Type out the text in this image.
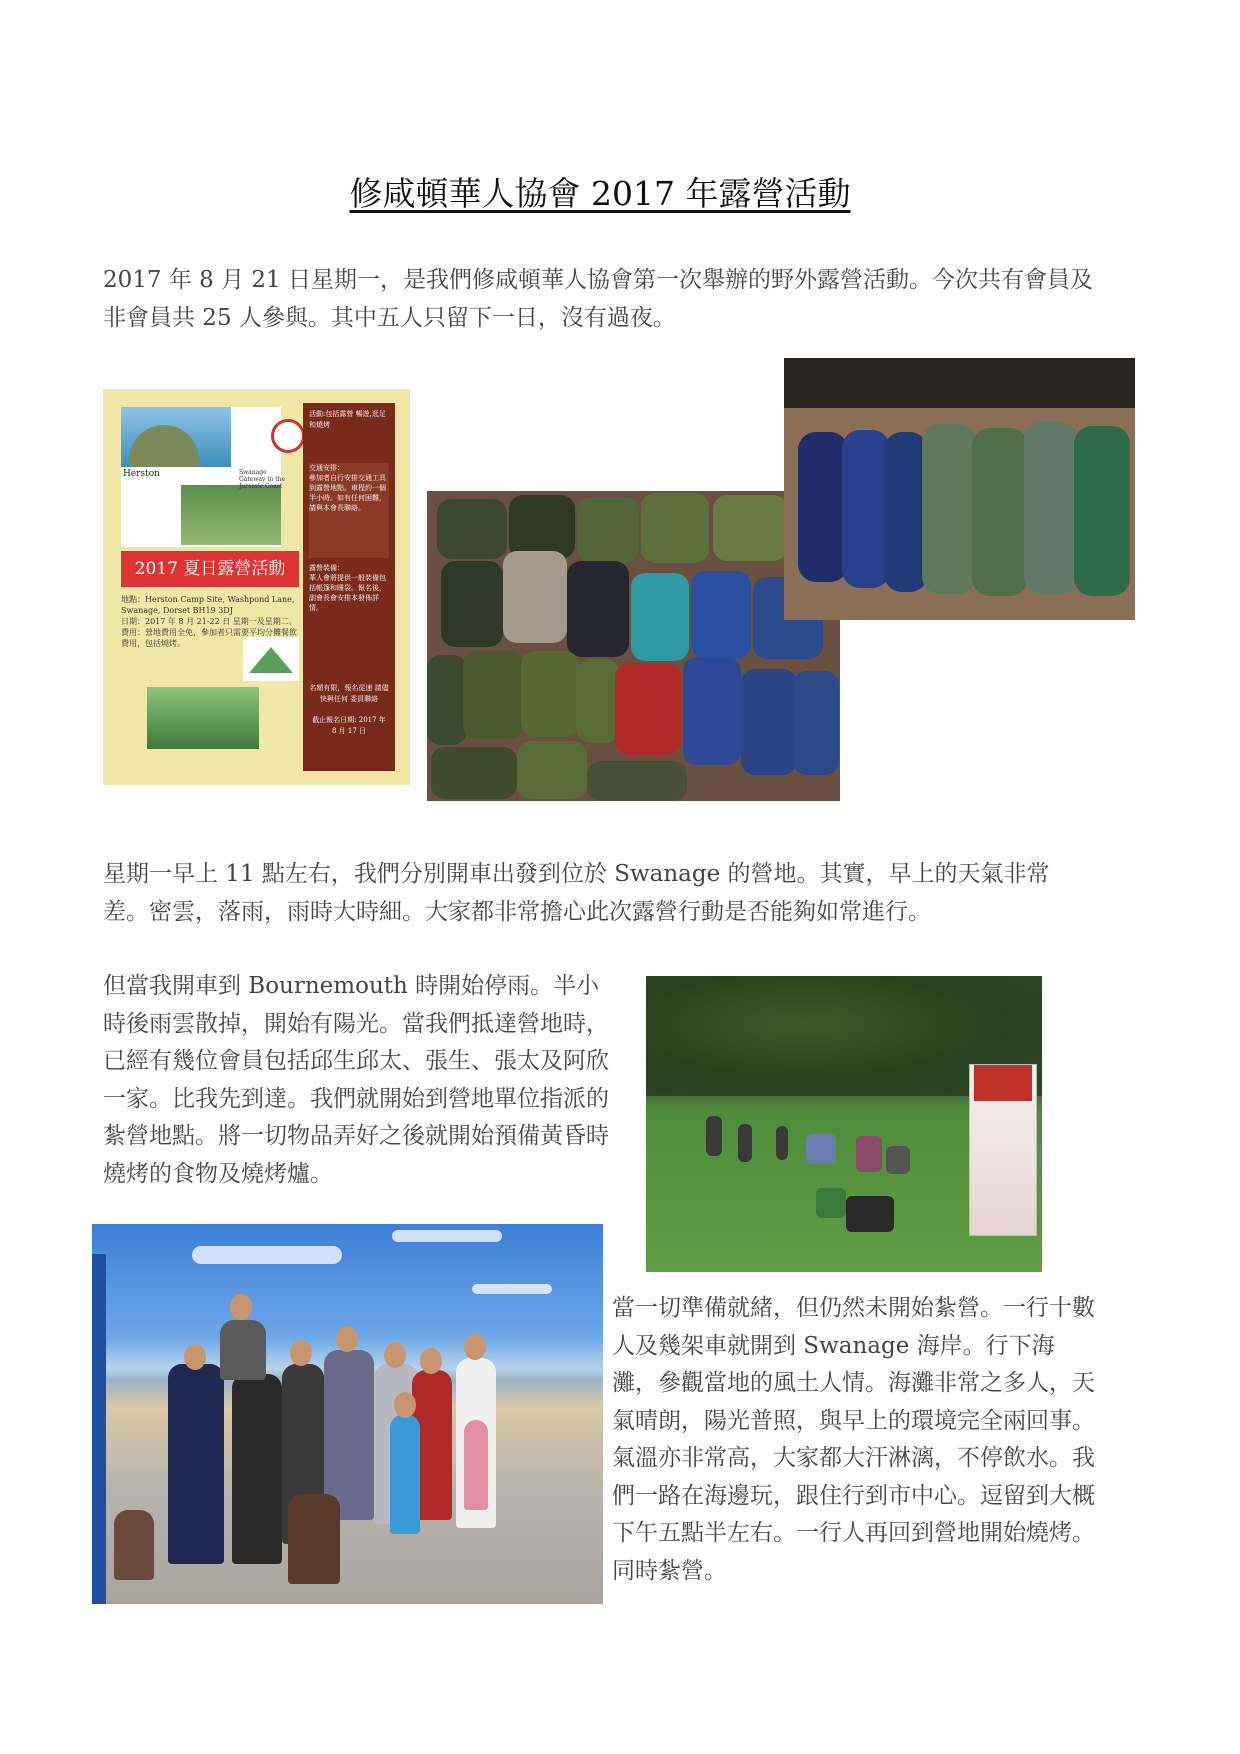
修咸頓華人協會 2017 年露營活動
2017 年 8 月 21 日星期一，是我們修咸頓華人協會第一次舉辦的野外露營活動。今次共有會員及非會員共 25 人參與。其中五人只留下一日，沒有過夜。
Herston	Swanage Gateway to the Jurassic Coast
活動:包括露營 暢遊,逛足和燒烤
交通安排：
參加者自行安排交通工具到露營地點。車程約一個半小時。如有任何困難，請與本會長聯絡。
露營裝備：
華人會將提供一般裝備包括帳篷和睡袋。報名後，副會長會安排本發佈詳情。
名額有限，報名從速 請儘快與任何 委員聯絡
截止報名日期: 2017 年 8 月 17 日
2017 夏日露營活動
地點：Herston Camp Site, Washpond Lane, Swanage, Dorset BH19 3DJ
日期：2017 年 8 月 21-22 日 星期一及星期二。
費用：營地費用全免，參加者只需要平均分攤餐飲費用，包括燒烤。
星期一早上 11 點左右，我們分別開車出發到位於 Swanage 的營地。其實，早上的天氣非常差。密雲，落雨，雨時大時細。大家都非常擔心此次露營行動是否能夠如常進行。
但當我開車到 Bournemouth 時開始停雨。半小時後雨雲散掉，開始有陽光。當我們抵達營地時，已經有幾位會員包括邱生邱太、張生、張太及阿欣一家。比我先到達。我們就開始到營地單位指派的紮營地點。將一切物品弄好之後就開始預備黃昏時燒烤的食物及燒烤爐。
當一切準備就緒，但仍然未開始紮營。一行十數人及幾架車就開到 Swanage 海岸。行下海灘，參觀當地的風土人情。海灘非常之多人，天氣晴朗，陽光普照，與早上的環境完全兩回事。氣溫亦非常高，大家都大汗淋漓，不停飲水。我們一路在海邊玩，跟住行到市中心。逗留到大概下午五點半左右。一行人再回到營地開始燒烤。同時紮營。
